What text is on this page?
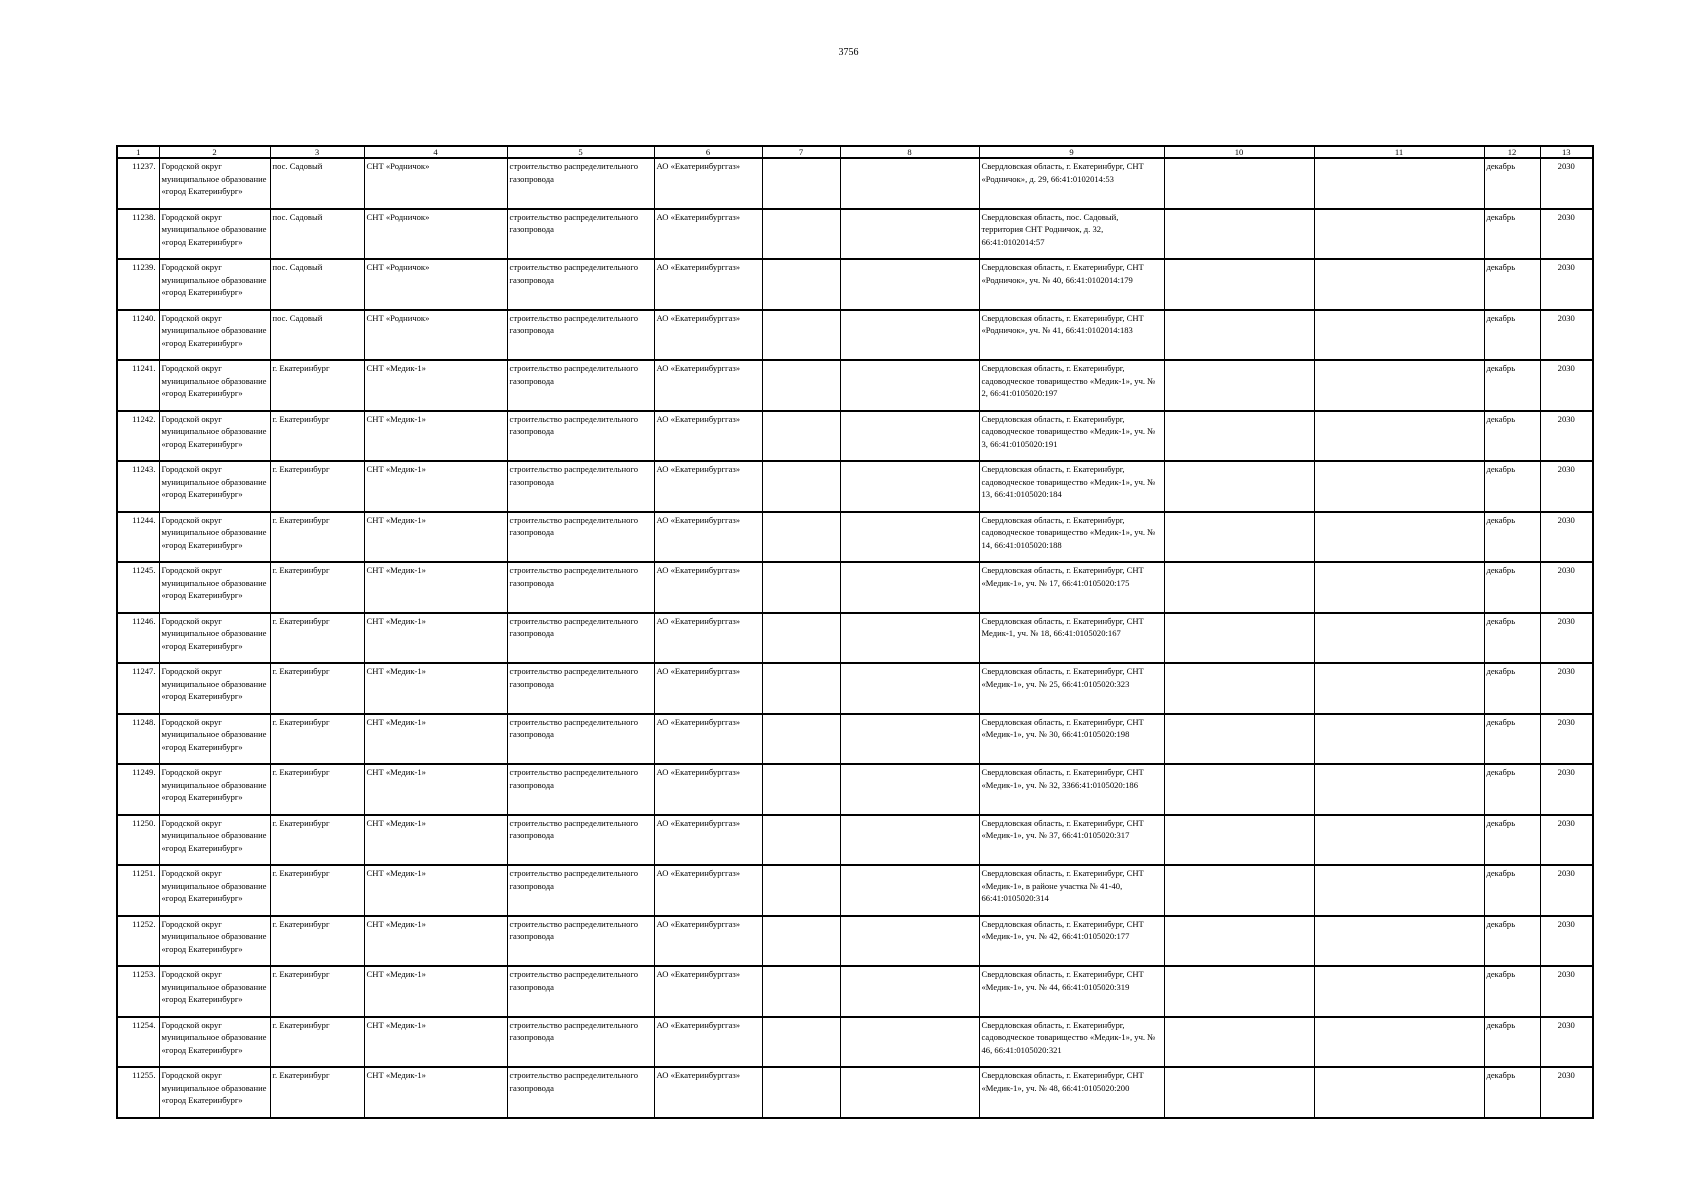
3756
1	2	3	4	5	6	7	8	9	10	11	12	13
11237.	Городской округ муниципальное образование «город Екатеринбург»	пос. Садовый	СНТ «Родничок»	строительство распределительного газопровода	АО «Екатеринбурггаз»			Свердловская область, г. Екатеринбург, СНТ «Родничок», д. 29, 66:41:0102014:53			декабрь	2030
11238.	Городской округ муниципальное образование «город Екатеринбург»	пос. Садовый	СНТ «Родничок»	строительство распределительного газопровода	АО «Екатеринбурггаз»			Свердловская область, пос. Садовый, территория СНТ Родничок, д. 32, 66:41:0102014:57			декабрь	2030
11239.	Городской округ муниципальное образование «город Екатеринбург»	пос. Садовый	СНТ «Родничок»	строительство распределительного газопровода	АО «Екатеринбурггаз»			Свердловская область, г. Екатеринбург, СНТ «Родничок», уч. № 40, 66:41:0102014:179			декабрь	2030
11240.	Городской округ муниципальное образование «город Екатеринбург»	пос. Садовый	СНТ «Родничок»	строительство распределительного газопровода	АО «Екатеринбурггаз»			Свердловская область, г. Екатеринбург, СНТ «Родничок», уч. № 41, 66:41:0102014:183			декабрь	2030
11241.	Городской округ муниципальное образование «город Екатеринбург»	г. Екатеринбург	СНТ «Медик-1»	строительство распределительного газопровода	АО «Екатеринбурггаз»			Свердловская область, г. Екатеринбург, садоводческое товарищество «Медик-1», уч. № 2, 66:41:0105020:197			декабрь	2030
11242.	Городской округ муниципальное образование «город Екатеринбург»	г. Екатеринбург	СНТ «Медик-1»	строительство распределительного газопровода	АО «Екатеринбурггаз»			Свердловская область, г. Екатеринбург, садоводческое товарищество «Медик-1», уч. № 3, 66:41:0105020:191			декабрь	2030
11243.	Городской округ муниципальное образование «город Екатеринбург»	г. Екатеринбург	СНТ «Медик-1»	строительство распределительного газопровода	АО «Екатеринбурггаз»			Свердловская область, г. Екатеринбург, садоводческое товарищество «Медик-1», уч. № 13, 66:41:0105020:184			декабрь	2030
11244.	Городской округ муниципальное образование «город Екатеринбург»	г. Екатеринбург	СНТ «Медик-1»	строительство распределительного газопровода	АО «Екатеринбурггаз»			Свердловская область, г. Екатеринбург, садоводческое товарищество «Медик-1», уч. № 14, 66:41:0105020:188			декабрь	2030
11245.	Городской округ муниципальное образование «город Екатеринбург»	г. Екатеринбург	СНТ «Медик-1»	строительство распределительного газопровода	АО «Екатеринбурггаз»			Свердловская область, г. Екатеринбург, СНТ «Медик-1», уч. № 17, 66:41:0105020:175			декабрь	2030
11246.	Городской округ муниципальное образование «город Екатеринбург»	г. Екатеринбург	СНТ «Медик-1»	строительство распределительного газопровода	АО «Екатеринбурггаз»			Свердловская область, г. Екатеринбург, СНТ Медик-1, уч. № 18, 66:41:0105020:167			декабрь	2030
11247.	Городской округ муниципальное образование «город Екатеринбург»	г. Екатеринбург	СНТ «Медик-1»	строительство распределительного газопровода	АО «Екатеринбурггаз»			Свердловская область, г. Екатеринбург, СНТ «Медик-1», уч. № 25, 66:41:0105020:323			декабрь	2030
11248.	Городской округ муниципальное образование «город Екатеринбург»	г. Екатеринбург	СНТ «Медик-1»	строительство распределительного газопровода	АО «Екатеринбурггаз»			Свердловская область, г. Екатеринбург, СНТ «Медик-1», уч. № 30, 66:41:0105020:198			декабрь	2030
11249.	Городской округ муниципальное образование «город Екатеринбург»	г. Екатеринбург	СНТ «Медик-1»	строительство распределительного газопровода	АО «Екатеринбурггаз»			Свердловская область, г. Екатеринбург, СНТ «Медик-1», уч. № 32, 3366:41:0105020:186			декабрь	2030
11250.	Городской округ муниципальное образование «город Екатеринбург»	г. Екатеринбург	СНТ «Медик-1»	строительство распределительного газопровода	АО «Екатеринбурггаз»			Свердловская область, г. Екатеринбург, СНТ «Медик-1», уч. № 37, 66:41:0105020:317			декабрь	2030
11251.	Городской округ муниципальное образование «город Екатеринбург»	г. Екатеринбург	СНТ «Медик-1»	строительство распределительного газопровода	АО «Екатеринбурггаз»			Свердловская область, г. Екатеринбург, СНТ «Медик-1», в районе участка № 41-40, 66:41:0105020:314			декабрь	2030
11252.	Городской округ муниципальное образование «город Екатеринбург»	г. Екатеринбург	СНТ «Медик-1»	строительство распределительного газопровода	АО «Екатеринбурггаз»			Свердловская область, г. Екатеринбург, СНТ «Медик-1», уч. № 42, 66:41:0105020:177			декабрь	2030
11253.	Городской округ муниципальное образование «город Екатеринбург»	г. Екатеринбург	СНТ «Медик-1»	строительство распределительного газопровода	АО «Екатеринбурггаз»			Свердловская область, г. Екатеринбург, СНТ «Медик-1», уч. № 44, 66:41:0105020:319			декабрь	2030
11254.	Городской округ муниципальное образование «город Екатеринбург»	г. Екатеринбург	СНТ «Медик-1»	строительство распределительного газопровода	АО «Екатеринбурггаз»			Свердловская область, г. Екатеринбург, садоводческое товарищество «Медик-1», уч. № 46, 66:41:0105020:321			декабрь	2030
11255.	Городской округ муниципальное образование «город Екатеринбург»	г. Екатеринбург	СНТ «Медик-1»	строительство распределительного газопровода	АО «Екатеринбурггаз»			Свердловская область, г. Екатеринбург, СНТ «Медик-1», уч. № 48, 66:41:0105020:200			декабрь	2030
